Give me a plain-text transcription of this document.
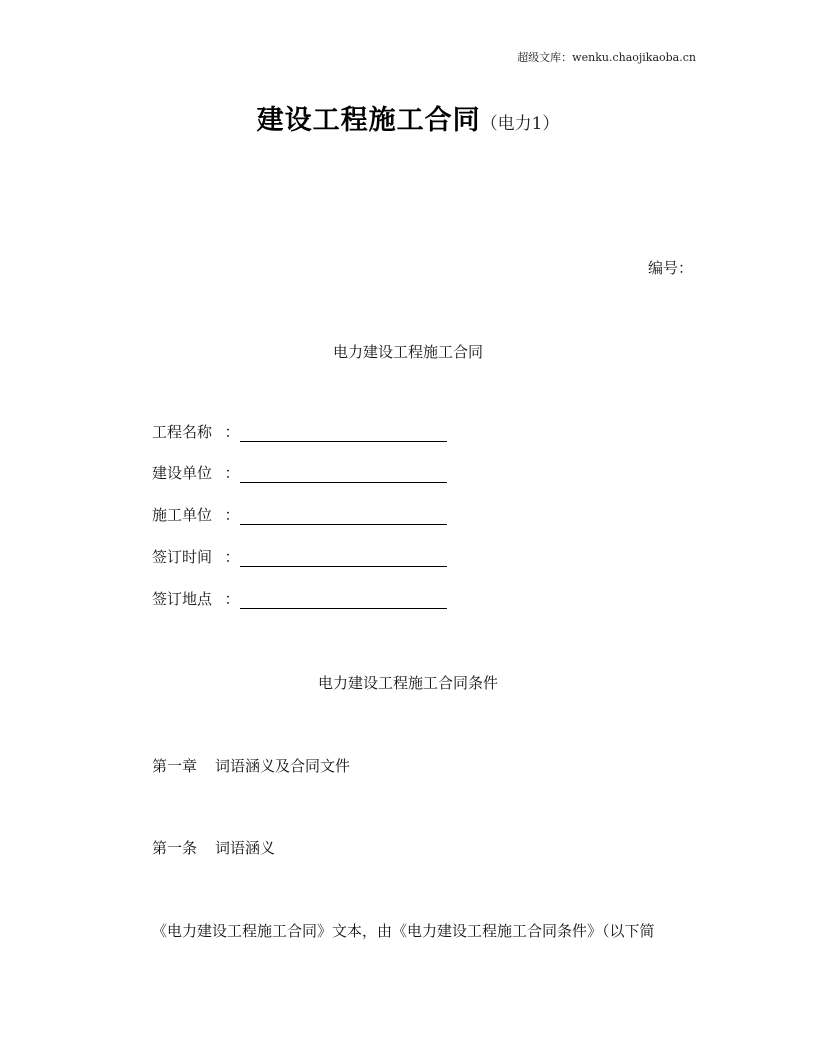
超级文库：wenku.chaojikaoba.cn
建设工程施工合同（电力1）
编号：
电力建设工程施工合同
工程名称 ：
建设单位 ：
施工单位 ：
签订时间 ：
签订地点 ：
电力建设工程施工合同条件
第一章 词语涵义及合同文件
第一条 词语涵义
《电力建设工程施工合同》文本，由《电力建设工程施工合同条件》（以下简
